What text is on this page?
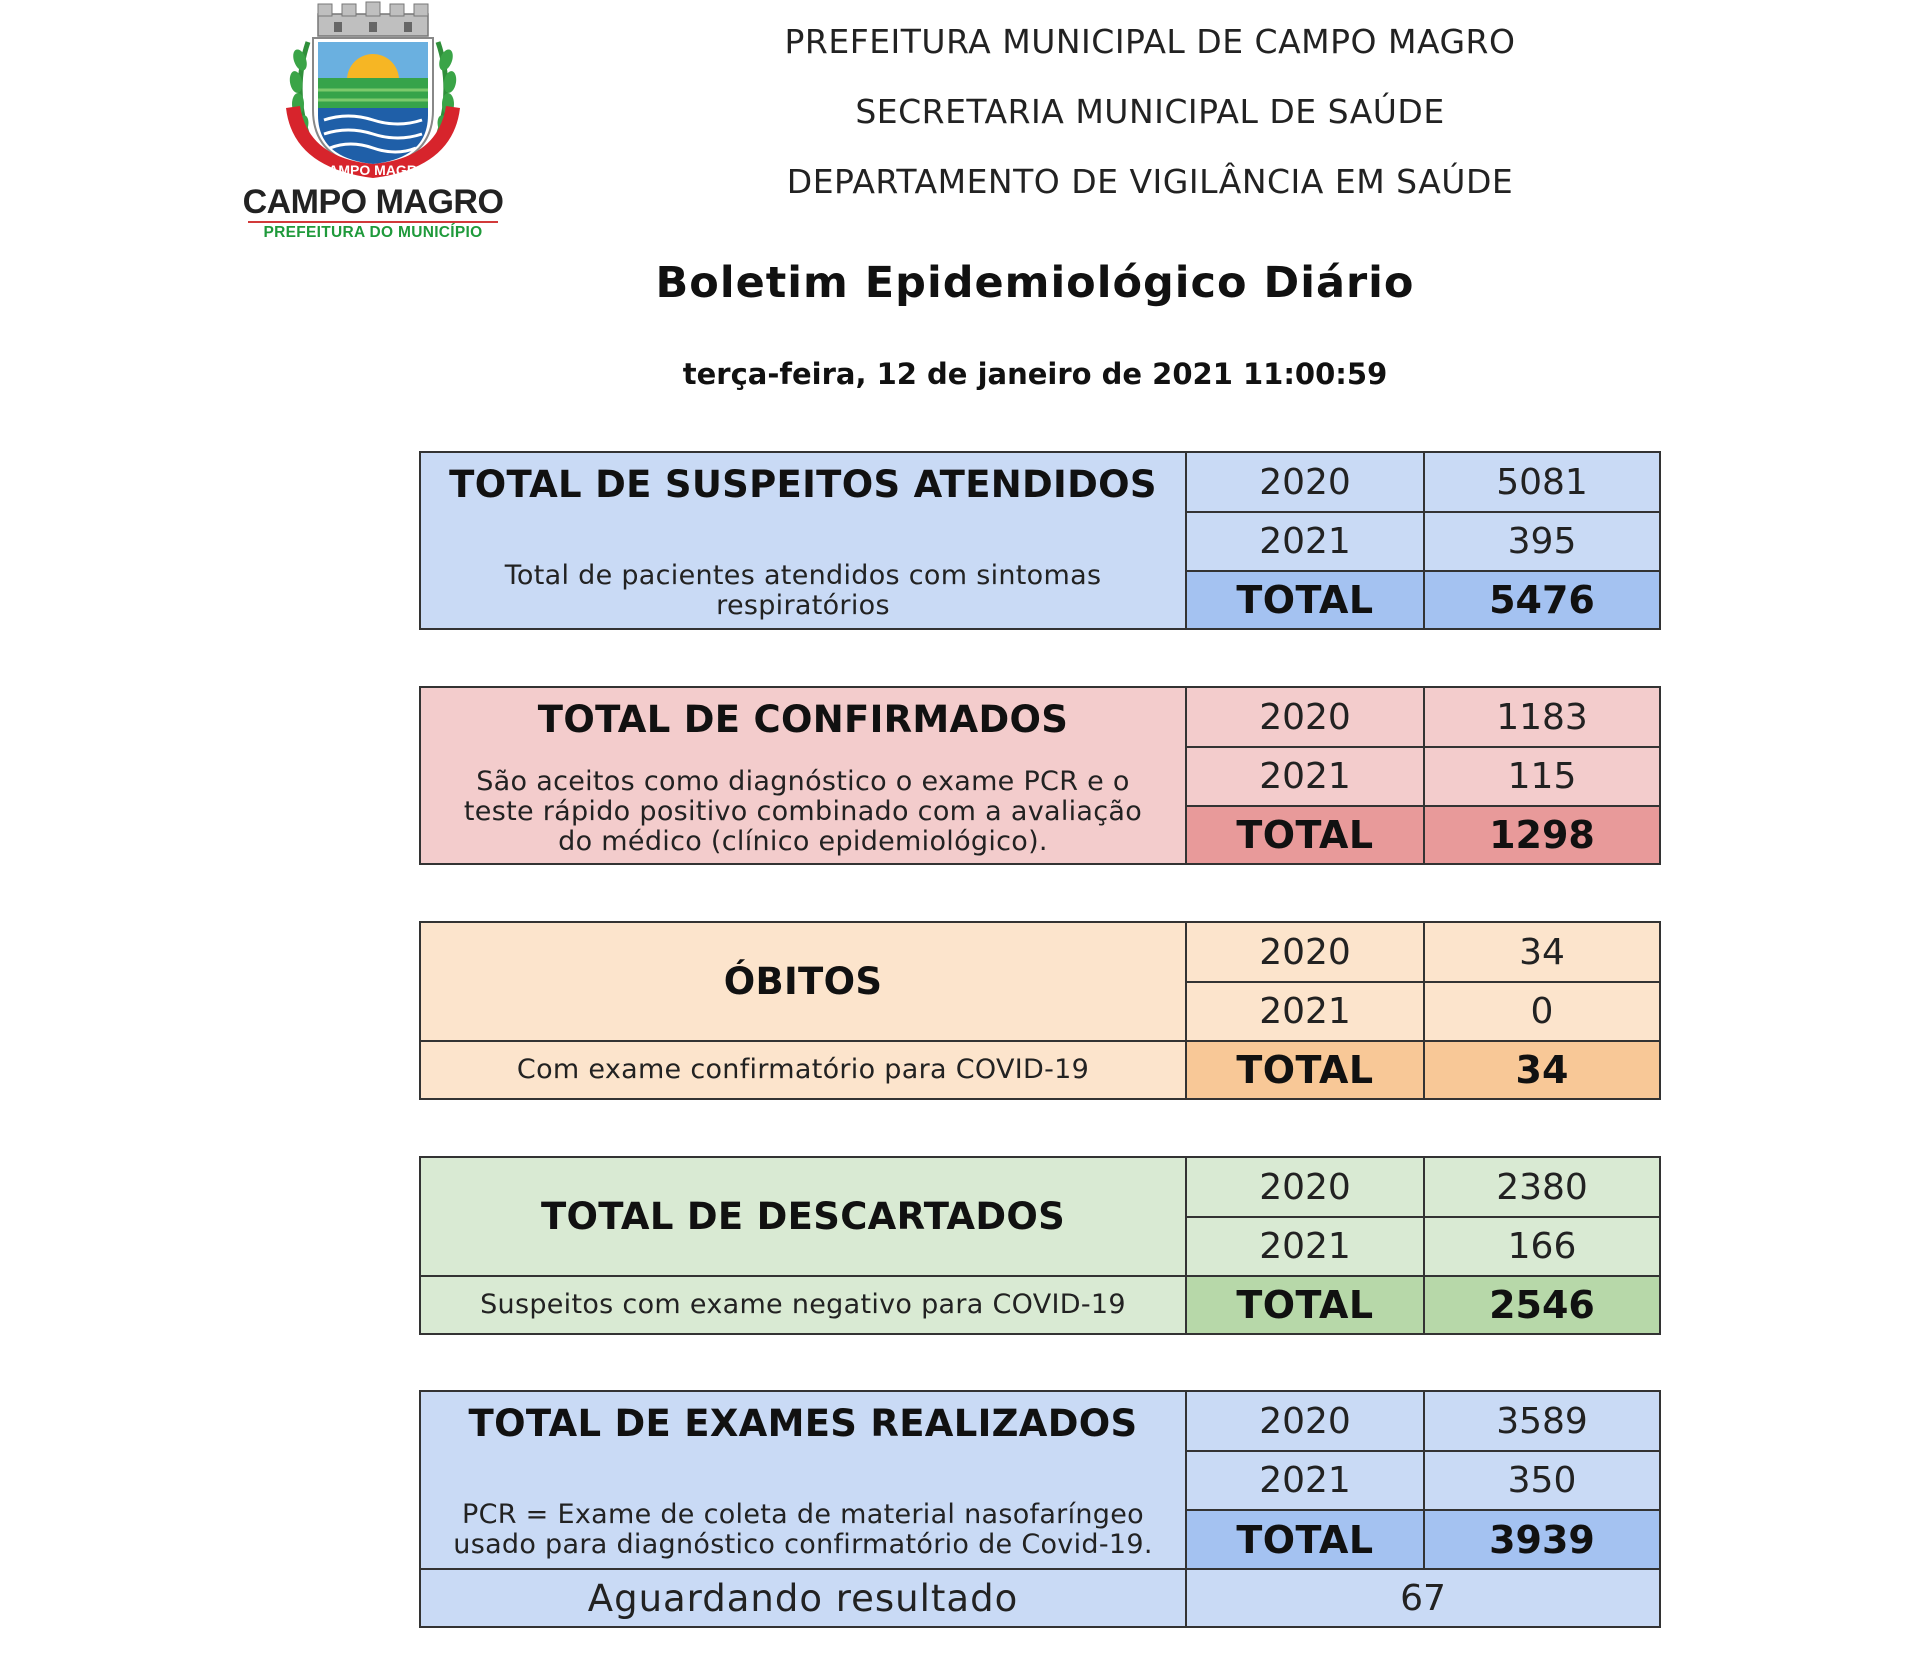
CAMPO MAGRO
CAMPO MAGRO
PREFEITURA DO MUNICÍPIO
PREFEITURA MUNICIPAL DE CAMPO MAGRO
SECRETARIA MUNICIPAL DE SAÚDE
DEPARTAMENTO DE VIGILÂNCIA EM SAÚDE
Boletim Epidemiológico Diário
terça-feira, 12 de janeiro de 2021 11:00:59
TOTAL DE SUSPEITOS ATENDIDOS
Total de pacientes atendidos com sintomas
respiratórios
2020	5081
2021	395
TOTAL	5476
TOTAL DE CONFIRMADOS
São aceitos como diagnóstico o exame PCR e o
teste rápido positivo combinado com a avaliação
do médico (clínico epidemiológico).
2020	1183
2021	115
TOTAL	1298
ÓBITOS
Com exame confirmatório para COVID-19
2020	34
2021	0
TOTAL	34
TOTAL DE DESCARTADOS
Suspeitos com exame negativo para COVID-19
2020	2380
2021	166
TOTAL	2546
TOTAL DE EXAMES REALIZADOS
PCR = Exame de coleta de material nasofaríngeo
usado para diagnóstico confirmatório de Covid-19.
2020	3589
2021	350
TOTAL	3939
Aguardando resultado	67
